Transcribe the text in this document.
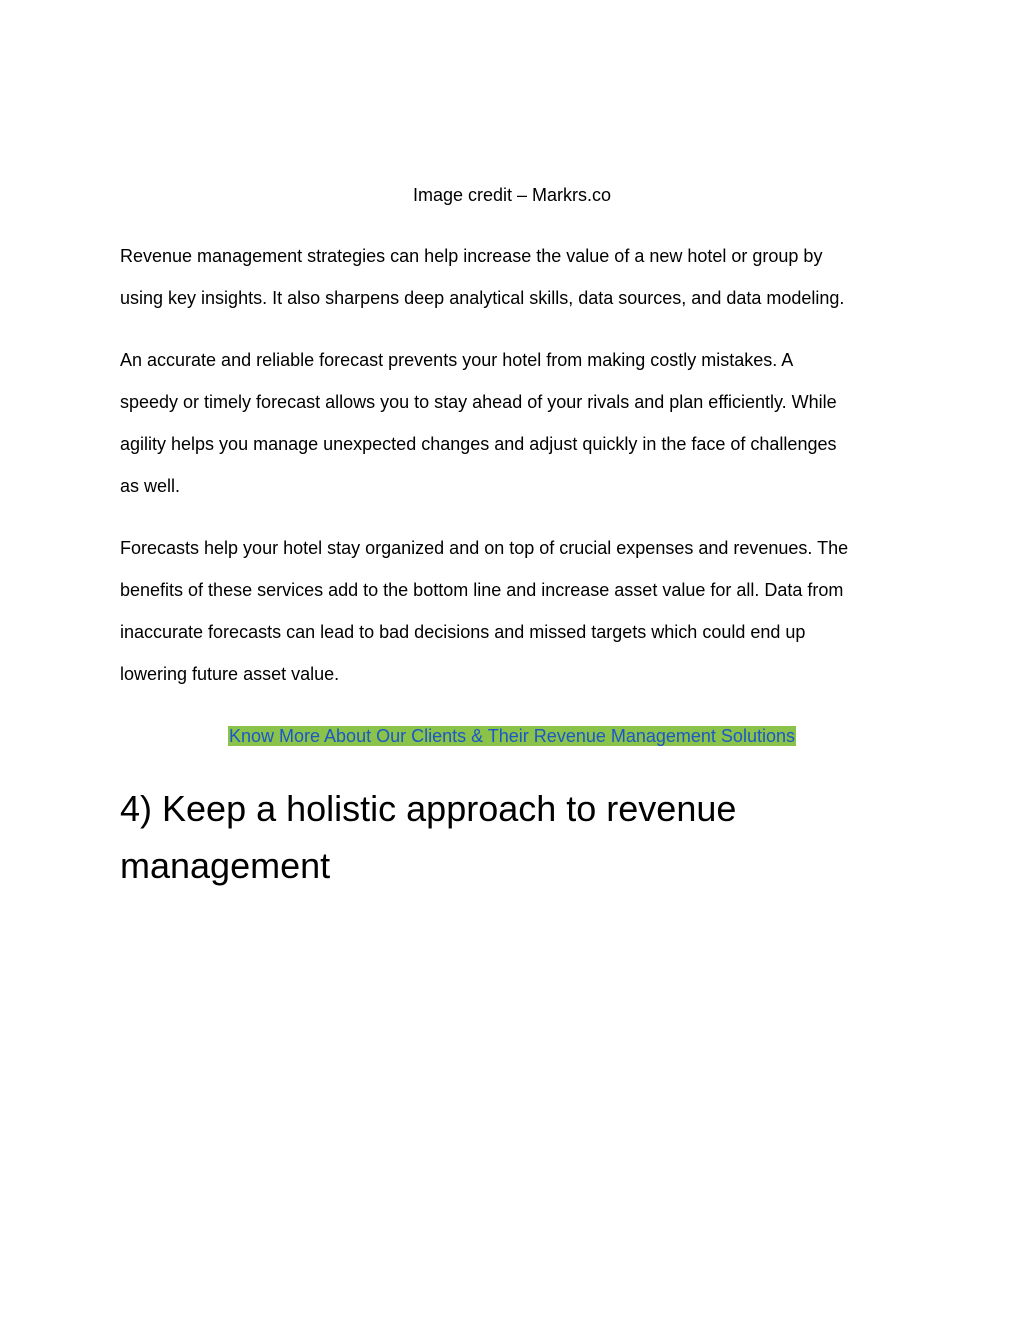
Image credit – Markrs.co

Revenue management strategies can help increase the value of a new hotel or group by
using key insights. It also sharpens deep analytical skills, data sources, and data modeling.

An accurate and reliable forecast prevents your hotel from making costly mistakes. A
speedy or timely forecast allows you to stay ahead of your rivals and plan efficiently. While
agility helps you manage unexpected changes and adjust quickly in the face of challenges
as well.

Forecasts help your hotel stay organized and on top of crucial expenses and revenues. The
benefits of these services add to the bottom line and increase asset value for all. Data from
inaccurate forecasts can lead to bad decisions and missed targets which could end up
lowering future asset value.

Know More About Our Clients & Their Revenue Management Solutions
4) Keep a holistic approach to revenue
management
